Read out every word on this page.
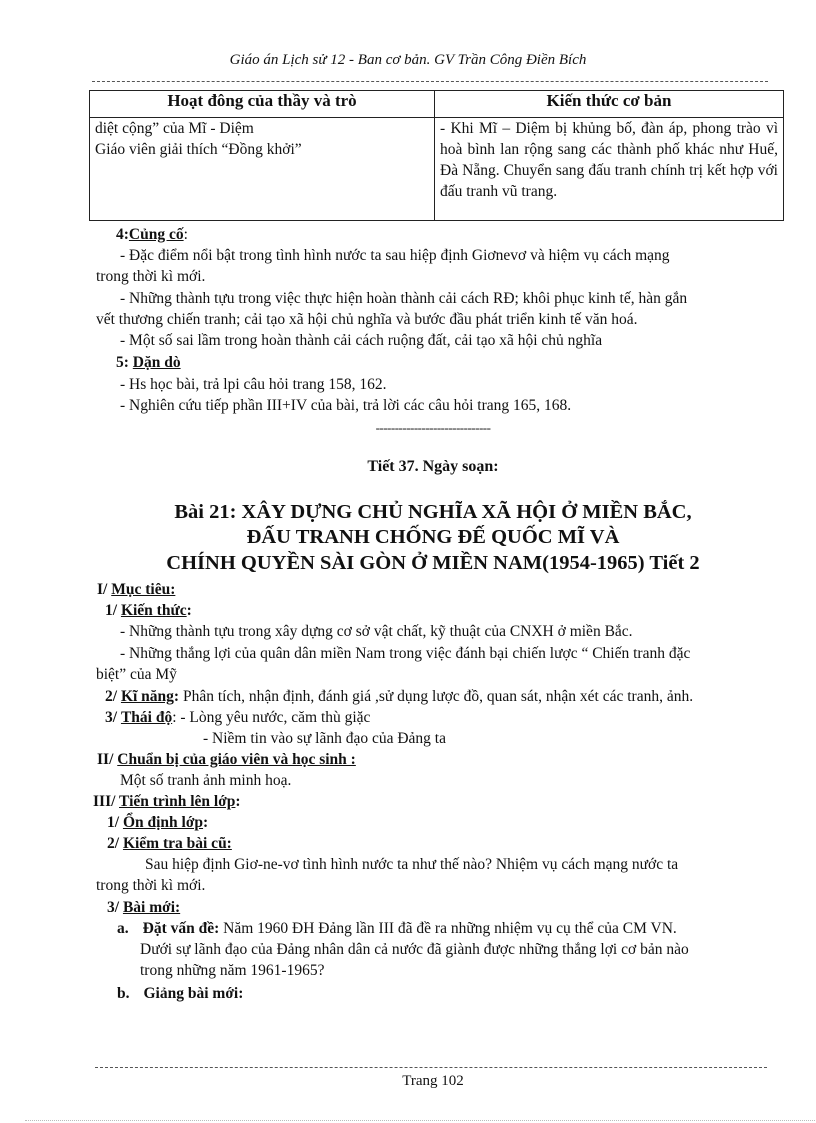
Giáo án Lịch sử 12 - Ban cơ bản. GV Trần Công Điền Bích
Hoạt đông của thầy và trò	Kiến thức cơ bản

diệt cộng” của Mĩ - Diệm
Giáo viên giải thích “Đồng khởi”	- Khi Mĩ – Diệm bị khủng bố, đàn áp, phong trào vì hoà bình lan rộng sang các thành phố khác như Huế, Đà Nẵng. Chuyển sang đấu tranh chính trị kết hợp với đấu tranh vũ trang.
4:Củng cố:
- Đặc điểm nổi bật trong tình hình nước ta sau hiệp định Giơnevơ và hiệm vụ cách mạng
trong thời kì mới.
- Những thành tựu trong việc thực hiện hoàn thành cải cách RĐ; khôi phục kinh tế, hàn gắn
vết thương chiến tranh; cải tạo xã hội chủ nghĩa và bước đầu phát triển kinh tế văn hoá.
- Một số sai lầm trong hoàn thành cải cách ruộng đất, cải tạo xã hội chủ nghĩa
5: Dặn dò
- Hs học bài, trả lpi câu hỏi trang 158, 162.
- Nghiên cứu tiếp phần III+IV của bài, trả lời các câu hỏi trang 165, 168.
------------------------------
Tiết 37. Ngày soạn:
Bài 21: XÂY DỰNG CHỦ NGHĨA XÃ HỘI Ở MIỀN BẮC,
ĐẤU TRANH CHỐNG ĐẾ QUỐC MĨ VÀ
CHÍNH QUYỀN SÀI GÒN Ở MIỀN NAM(1954-1965) Tiết 2
I/ Mục tiêu:
1/ Kiến thức:
- Những thành tựu trong xây dựng cơ sở vật chất, kỹ thuật của CNXH ở miền Bắc.
- Những thắng lợi của quân dân miền Nam trong việc đánh bại chiến lược “ Chiến tranh đặc
biệt” của Mỹ
2/ Kĩ năng: Phân tích, nhận định, đánh giá ,sử dụng lược đồ, quan sát, nhận xét các tranh, ảnh.
3/ Thái độ: - Lòng yêu nước, căm thù giặc
- Niềm tin vào sự lãnh đạo của Đảng ta
II/ Chuẩn bị của giáo viên và học sinh :
Một số tranh ảnh minh hoạ.
III/ Tiến trình lên lớp:
1/ Ổn định lớp:
2/ Kiểm tra bài cũ:
Sau hiệp định Giơ-ne-vơ tình hình nước ta như thế nào? Nhiệm vụ cách mạng nước ta
trong thời kì mới.
3/ Bài mới:
a. Đặt vấn đề: Năm 1960 ĐH Đảng lần III đã đề ra những nhiệm vụ cụ thể của CM VN.
Dưới sự lãnh đạo của Đảng nhân dân cả nước đã giành được những thắng lợi cơ bản nào
trong những năm 1961-1965?
b. Giảng bài mới:
Trang 102
